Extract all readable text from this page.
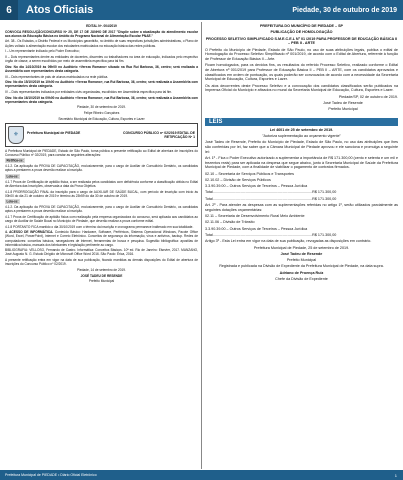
6	Atos Oficiais	Piedade, 30 de outubro de 2019

EDITAL Nº. 004/2019

CONVOCA RESOLUÇÃO/CONCURSO Nº 25, DE 17 DE JUNHO DE 2017 "Dispõe sobre a atualização do atendimento escolar aos alunos da Educação Básica no âmbito do Programa Nacional de Alimentação Escolar PNAE."

Art. 38 - Os Estados, o Distrito Federal e os Municípios garantirão, no âmbito de suas respectivas jurisdições administrativas, o Plano de Ações voltado à alimentação escolar dos estudantes matriculados na educação básica das redes públicas.

I – Um representante indicado pelo Poder Executivo;

II – Dois representantes dentre as entidades de docentes, discentes ou trabalhadores na área de educação, indicados pelo respectivo órgão de classe, a serem escolhidos por meio de assembleia específica para tal fim.

Obs: No dia 14/10/2019 às 09h00 no Auditório «Vereza Romano» situado na Rua Rui Barbosa, 36, centro; será realizada a Assembléia com representantes desta categoria.

III – Dois representantes de pais de alunos matriculados na rede pública.

Obs: No dia 15/10/2019 às 10h00 no Auditório «Vereza Romano», rua Rui Barbosa, 36, centro; será realizada a Assembléia com representantes desta categoria.

IV – Dois representantes indicados por entidades civis organizadas, escolhidos em Assembleia específica para tal fim.

Obs: No dia 16/10/2019 às 09h00 no Auditório «Vereza Romano», rua Rui Barbosa, 36, centro; será realizada a Assembléia com representantes desta categoria.

Piedade, 30 de setembro de 2019.

Felipe Ribeiro Gonçalves

Secretário Municipal de Educação, Cultura, Esportes e Lazer

⚜	Prefeitura Municipal de PIEDADE	CONCURSO PÚBLICO nº 02/2019 EDITAL DE RETIFICAÇÃO Nº 1

A Prefeitura Municipal de PIEDADE, Estado de São Paulo, torna pública a presente retificação ao Edital de abertura de inscrições do Concurso Público nº 02/2019, para constar as seguintes alterações:

Retifica-se:

4.1.2. Da aplicação da PROVA DE CAPACITAÇÃO, exclusivamente, para o cargo de Auxiliar de Consultório Dentário, os candidatos aptos a prestarem a prova deverão realizar a inscrição.

Leia-se:

4.1.7 Prova de Certificação de aptidão física, a ser realizada pelos candidatos com deficiência conforme a classificação obtida no Edital de Abertura das Inscrições, observada a data da Prova Objetiva.

4.1.8 PRORROGAÇÃO FINAL da inscrição para o cargo de AUXILIAR DE SAÚDE BUCAL, com período de inscrição com início às 00h00 do dia 21 de outubro de 2019 e término às 23h59 do dia 30 de outubro de 2019.

Leia-se:

4.1.2. Da aplicação da PROVA DE CAPACITAÇÃO, exclusivamente, para o cargo de Auxiliar de Consultório Dentário, os candidatos aptos a prestarem a prova deverão realizar a inscrição.

4.1.7 Prova de Certificação de aptidão física com realização pela empresa organizadora do concurso, será aplicada aos candidatos ao cargo de Auxiliar de Saúde Bucal no Município de Piedade, que deverão realizar a prova conforme edital.

4.1.8 PORTANTO FICA mantido o dia 30/10/2019 com o término da inscrição e cronograma permanece inalterado em sua totalidade.

4. ACESSO DE INFORMÁTICA. Conteúdo Básico: Hardware, Software, Periféricos, Sistema Operacional Windows, Pacote Office (Word, Excel, PowerPoint), Internet e Correio Eletrônico. Conceitos de segurança da informação, vírus e antivírus, backup. Redes de computadores: conceitos básicos, navegadores de Internet, ferramentas de busca e pesquisa. Sugestão bibliográfica: apostilas de informática básica, manuais dos fabricantes e legislação pertinente ao cargo.

BIBLIOGRAFIA: VELLOSO, Fernando de Castro. Informática: Conceitos Básicos. 10ª ed. Rio de Janeiro: Elsevier, 2017. MANZANO, José Augusto N. G. Estudo Dirigido de Microsoft Office Word 2016. São Paulo: Érica, 2016.

A presente retificação entra em vigor na data de sua publicação, ficando mantidas as demais disposições do Edital de abertura de inscrições do Concurso Público nº 02/2019.

Piedade, 14 de setembro de 2019.

JOSÉ TADEU DE RESENDE

Prefeito Municipal

PREFEITURA DO MUNICÍPIO DE PIEDADE – SP

PUBLICAÇÃO DE HOMOLOGAÇÃO

PROCESSO SELETIVO SIMPLIFICADO S.M.E.C.E.L Nº 01 /2019 PARA PROFESSOR DE EDUCAÇÃO BÁSICA II – PEB II - ARTE

O Prefeito do Município de Piedade, Estado de São Paulo, no uso de suas atribuições legais, publica o edital de Homologação do Processo Seletivo Simplificado nº 001/2019, de acordo com o Edital de Abertura, referente à função de Professor de Educação Básica II – Arte.

Ficam homologados, para os devidos fins, os resultados do referido Processo Seletivo, realizado conforme o Edital de Abertura nº 001/2019 para Professor de Educação Básica II – PEB II – ARTE, com os candidatos aprovados e classificados em ordem de pontuação, os quais poderão ser convocados de acordo com a necessidade da Secretaria Municipal de Educação, Cultura, Esportes e Lazer.

Os atos decorrentes deste Processo Seletivo e a convocação dos candidatos classificados serão publicados na Imprensa Oficial do Município e afixados no mural da Secretaria Municipal de Educação, Cultura, Esportes e Lazer.

Piedade/SP, 02 de outubro de 2019.

José Tadeu de Resende

Prefeito Municipal

LEIS

Lei 4601 de 25 de setembro de 2019.

"Autoriza suplementação ao orçamento vigente"

José Tadeu de Resende, Prefeito do Município de Piedade, Estado de São Paulo, no uso das atribuições que lhes são conferidas por lei, faz saber que a Câmara Municipal de Piedade aprovou e ele sanciona e promulga a seguinte lei:

Art. 1º - Fica o Poder Executivo autorizado a suplementar a importância de R$ 171.300,00 (cento e setenta e um mil e trezentos reais) para ser aplicada na despesa que segue abaixo, junto à Secretaria Municipal de Saúde da Prefeitura Municipal de Piedade, com a finalidade de viabilizar o pagamento de contratos firmados.

02.10 – Secretaria de Serviços Públicos e Transportes

02.10.02 – Divisão de Serviços Públicos

3.3.90.39.00 – Outros Serviços de Terceiros – Pessoa Jurídica

Total.................................................................................................R$ 171.300,00

Total.................................................................................................R$ 171.300,00

Art. 2º - Para atender as despesas com as suplementações referidas no artigo 1º, serão utilizados parcialmente as seguintes dotações orçamentárias:

02.11 – Secretaria de Desenvolvimento Rural Meio Ambiente

02.11.06 – Divisão de Trânsito

3.3.90.39.00 – Outros Serviços de Terceiros – Pessoa Jurídica

Total.................................................................................................R$ 171.300,00

Artigo 3º - Esta Lei entra em vigor na data de sua publicação, revogadas as disposições em contrário.

Prefeitura Municipal de Piedade, 25 de setembro de 2019.

José Tadeu de Resende

Prefeito Municipal

Registrada e publicada na Divisão de Expediente da Prefeitura Municipal de Piedade, na data supra.

Adriano de Proença Ruiz

Chefe da Divisão de Expediente

Prefeitura Municipal de PIEDADE • Diário Oficial Eletrônico	1
